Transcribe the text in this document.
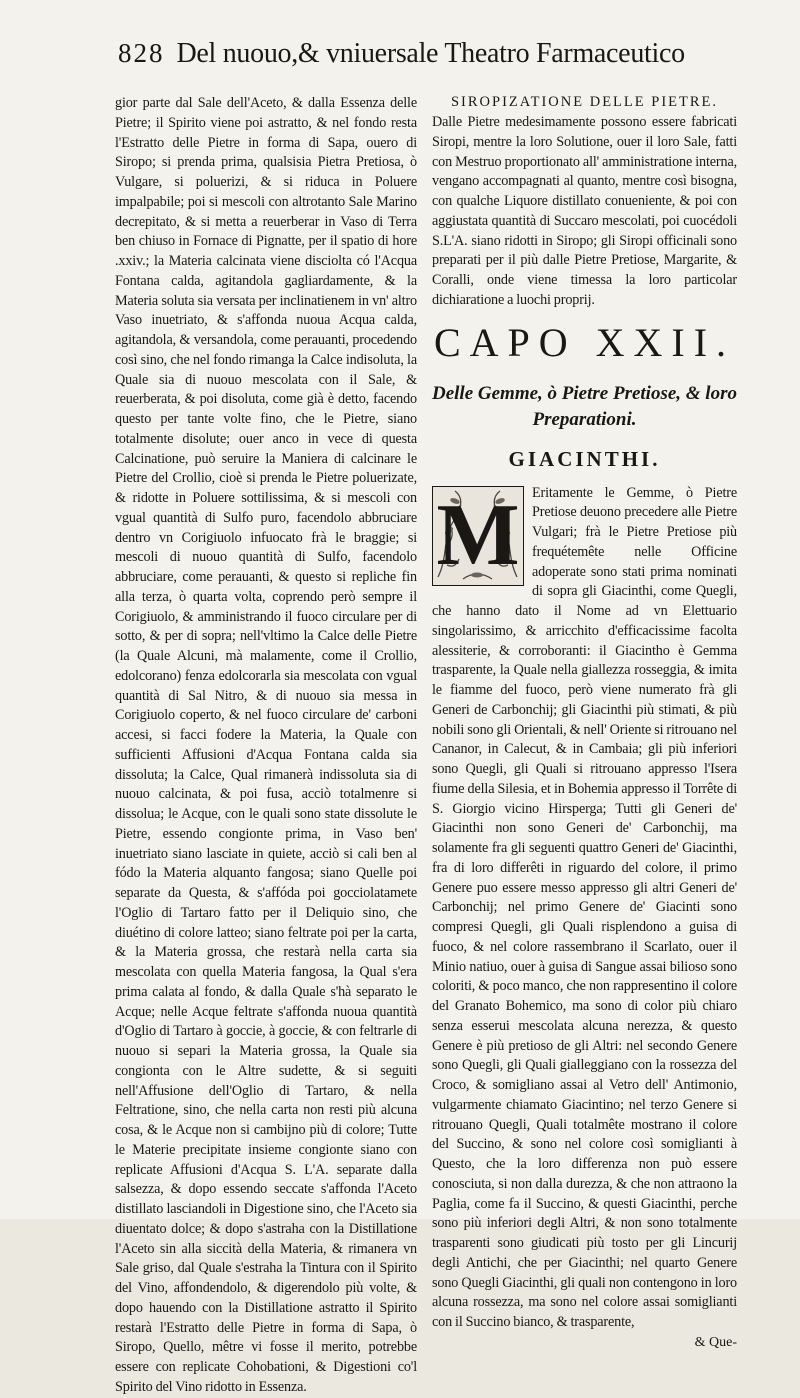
828 Del nuouo,& vniuersale Theatro Farmaceutico

gior parte dal Sale dell'Aceto, & dalla Essenza delle Pietre; il Spirito viene poi astratto, & nel fondo resta l'Estratto delle Pietre in forma di Sapa, ouero di Siropo; si prenda prima, qualsisia Pietra Pretiosa, ò Vulgare, si poluerizi, & si riduca in Poluere impalpabile; poi si mescoli con altrotanto Sale Marino decrepitato, & si metta a reuerberar in Vaso di Terra ben chiuso in Fornace di Pignatte, per il spatio di hore .xxiv.; la Materia calcinata viene disciolta có l'Acqua Fontana calda, agitandola gagliardamente, & la Materia soluta sia versata per inclinatienem in vn' altro Vaso inuetriato, & s'affonda nuoua Acqua calda, agitandola, & versandola, come perauanti, procedendo così sino, che nel fondo rimanga la Calce indisoluta, la Quale sia di nuouo mescolata con il Sale, & reuerberata, & poi disoluta, come già è detto, facendo questo per tante volte fino, che le Pietre, siano totalmente disolute; ouer anco in vece di questa Calcinatione, può seruire la Maniera di calcinare le Pietre del Crollio, cioè si prenda le Pietre poluerizate, & ridotte in Poluere sottilissima, & si mescoli con vgual quantità di Sulfo puro, facendolo abbruciare dentro vn Corigiuolo infuocato frà le braggie; si mescoli di nuouo quantità di Sulfo, facendolo abbruciare, come perauanti, & questo si repliche fin alla terza, ò quarta volta, coprendo però sempre il Corigiuolo, & amministrando il fuoco circulare per di sotto, & per di sopra; nell'vltimo la Calce delle Pietre (la Quale Alcuni, mà malamente, come il Crollio, edolcorano) fenza edolcorarla sia mescolata con vgual quantità di Sal Nitro, & di nuouo sia messa in Corigiuolo coperto, & nel fuoco circulare de' carboni accesi, si facci fodere la Materia, la Quale con sufficienti Affusioni d'Acqua Fontana calda sia dissoluta; la Calce, Qual rimanerà indissoluta sia di nuouo calcinata, & poi fusa, acciò totalmenre si dissolua; le Acque, con le quali sono state dissolute le Pietre, essendo congionte prima, in Vaso ben' inuetriato siano lasciate in quiete, acciò si cali ben al fódo la Materia alquanto fangosa; siano Quelle poi separate da Questa, & s'affóda poi gocciolatamete l'Oglio di Tartaro fatto per il Deliquio sino, che diuétino di colore latteo; siano feltrate poi per la carta, & la Materia grossa, che restarà nella carta sia mescolata con quella Materia fangosa, la Qual s'era prima calata al fondo, & dalla Quale s'hà separato le Acque; nelle Acque feltrate s'affonda nuoua quantità d'Oglio di Tartaro à goccie, à goccie, & con feltrarle di nuouo si separi la Materia grossa, la Quale sia congionta con le Altre sudette, & si seguiti nell'Affusione dell'Oglio di Tartaro, & nella Feltratione, sino, che nella carta non resti più alcuna cosa, & le Acque non si cambijno più di colore; Tutte le Materie precipitate insieme congionte siano con replicate Affusioni d'Acqua S. L'A. separate dalla salsezza, & dopo essendo seccate s'affonda l'Aceto distillato lasciandoli in Digestione sino, che l'Aceto sia diuentato dolce; & dopo s'astraha con la Distillatione l'Aceto sin alla siccità della Materia, & rimanera vn Sale griso, dal Quale s'estraha la Tintura con il Spirito del Vino, affondendolo, & digerendolo più volte, & dopo hauendo con la Distillatione astratto il Spirito restarà l'Estratto delle Pietre in forma di Sapa, ò Siropo, Quello, mêtre vi fosse il merito, potrebbe essere con replicate Cohobationi, & Digestioni co'l Spirito del Vino ridotto in Essenza.

SIROPIZATIONE DELLE PIETRE.

Dalle Pietre medesimamente possono essere fabricati Siropi, mentre la loro Solutione, ouer il loro Sale, fatti con Mestruo proportionato all' amministratione interna, vengano accompagnati al quanto, mentre così bisogna, con qualche Liquore distillato conueniente, & poi con aggiustata quantità di Succaro mescolati, poi cuocédoli S.L'A. siano ridotti in Siropo; gli Siropi officinali sono preparati per il più dalle Pietre Pretiose, Margarite, & Coralli, onde viene timessa la loro particolar dichiaratione a luochi proprij.

CAPO XXII.
Delle Gemme, ò Pietre Pretiose, & loro Preparationi.
GIACINTHI.

M Eritamente le Gemme, ò Pietre Pretiose deuono precedere alle Pietre Vulgari; frà le Pietre Pretiose più frequétemête nelle Officine adoperate sono stati prima nominati di sopra gli Giacinthi, come Quegli, che hanno dato il Nome ad vn Elettuario singolarissimo, & arricchito d'efficacissime facolta alessiterie, & corroboranti: il Giacintho è Gemma trasparente, la Quale nella giallezza rosseggia, & imita le fiamme del fuoco, però viene numerato frà gli Generi de Carbonchij; gli Giacinthi più stimati, & più nobili sono gli Orientali, & nell' Oriente si ritrouano nel Cananor, in Calecut, & in Cambaia; gli più inferiori sono Quegli, gli Quali si ritrouano appresso l'Isera fiume della Silesia, et in Bohemia appresso il Torrête di S. Giorgio vicino Hirsperga; Tutti gli Generi de' Giacinthi non sono Generi de' Carbonchij, ma solamente fra gli seguenti quattro Generi de' Giacinthi, fra di loro differêti in riguardo del colore, il primo Genere puo essere messo appresso gli altri Generi de' Carbonchij; nel primo Genere de' Giacinti sono compresi Quegli, gli Quali risplendono a guisa di fuoco, & nel colore rassembrano il Scarlato, ouer il Minio natiuo, ouer à guisa di Sangue assai bilioso sono coloriti, & poco manco, che non rappresentino il colore del Granato Bohemico, ma sono di color più chiaro senza esserui mescolata alcuna nerezza, & questo Genere è più pretioso de gli Altri: nel secondo Genere sono Quegli, gli Quali gialleggiano con la rossezza del Croco, & somigliano assai al Vetro dell' Antimonio, vulgarmente chiamato Giacintino; nel terzo Genere si ritrouano Quegli, Quali totalmête mostrano il colore del Succino, & sono nel colore così somiglianti à Questo, che la loro differenza non può essere conosciuta, si non dalla durezza, & che non attraono la Paglia, come fa il Succino, & questi Giacinthi, perche sono più inferiori degli Altri, & non sono totalmente trasparenti sono giudicati più tosto per gli Lincurij degli Antichi, che per Giacinthi; nel quarto Genere sono Quegli Giacinthi, gli quali non contengono in loro alcuna rossezza, ma sono nel colore assai somiglianti con il Succino bianco, & trasparente,

& Que-
